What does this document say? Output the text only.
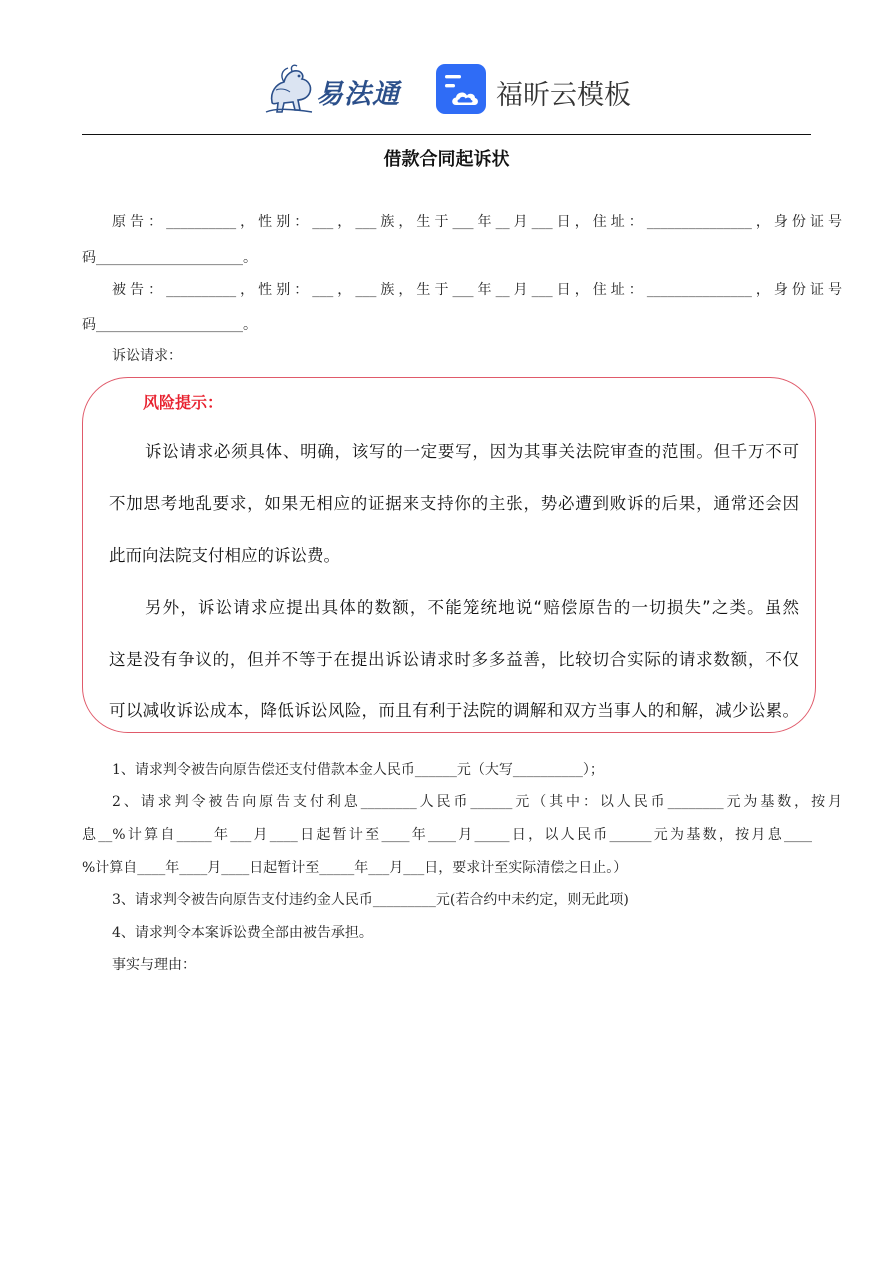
易法通	福昕云模板
借款合同起诉状
原告：__________，性别：___，___族，生于___年__月___日，住址：_______________，身份证号
码_____________________。
被告：__________，性别：___，___族，生于___年__月___日，住址：_______________，身份证号
码_____________________。
诉讼请求：
风险提示：
诉讼请求必须具体、明确，该写的一定要写，因为其事关法院审查的范围。但千万不可
不加思考地乱要求，如果无相应的证据来支持你的主张，势必遭到败诉的后果，通常还会因
此而向法院支付相应的诉讼费。
另外，诉讼请求应提出具体的数额，不能笼统地说“赔偿原告的一切损失”之类。虽然
这是没有争议的，但并不等于在提出诉讼请求时多多益善，比较切合实际的请求数额，不仅
可以减收诉讼成本，降低诉讼风险，而且有利于法院的调解和双方当事人的和解，减少讼累。
1、请求判令被告向原告偿还支付借款本金人民币______元（大写__________）；
2、请求判令被告向原告支付利息________人民币______元（其中：以人民币________元为基数，按月
息__%计算自_____年___月____日起暂计至____年____月_____日，以人民币______元为基数，按月息____
%计算自____年____月____日起暂计至_____年___月___日，要求计至实际清偿之日止。）
3、请求判令被告向原告支付违约金人民币_________元(若合约中未约定，则无此项)
4、请求判令本案诉讼费全部由被告承担。
事实与理由：
